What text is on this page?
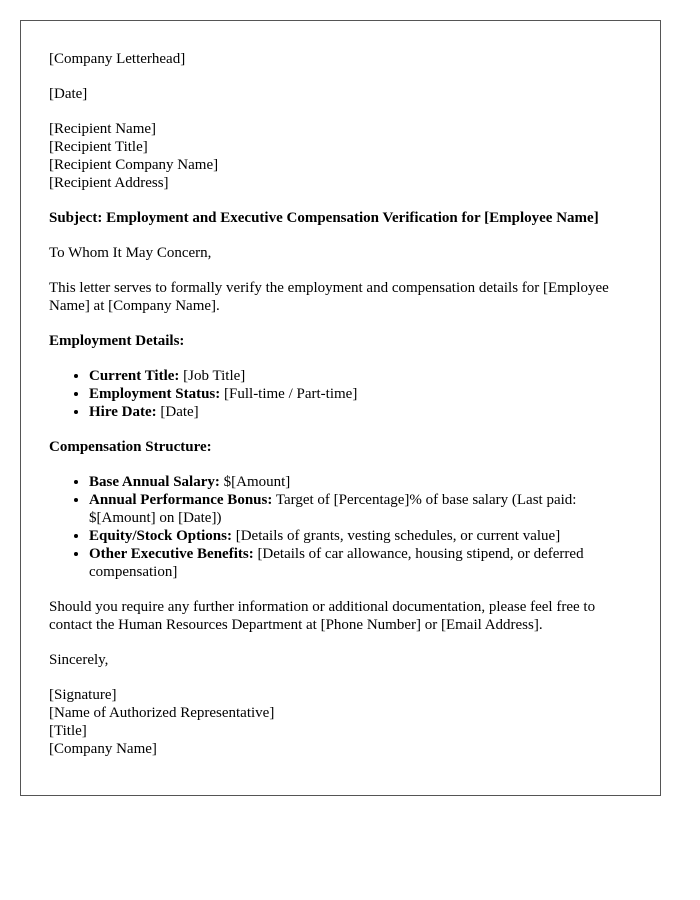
[Company Letterhead]

[Date]

[Recipient Name]
[Recipient Title]
[Recipient Company Name]
[Recipient Address]

Subject: Employment and Executive Compensation Verification for [Employee Name]

To Whom It May Concern,

This letter serves to formally verify the employment and compensation details for [Employee Name] at [Company Name].

Employment Details:

• Current Title: [Job Title]
• Employment Status: [Full-time / Part-time]
• Hire Date: [Date]

Compensation Structure:

• Base Annual Salary: $[Amount]
• Annual Performance Bonus: Target of [Percentage]% of base salary (Last paid: $[Amount] on [Date])
• Equity/Stock Options: [Details of grants, vesting schedules, or current value]
• Other Executive Benefits: [Details of car allowance, housing stipend, or deferred compensation]

Should you require any further information or additional documentation, please feel free to contact the Human Resources Department at [Phone Number] or [Email Address].

Sincerely,

[Signature]
[Name of Authorized Representative]
[Title]
[Company Name]
